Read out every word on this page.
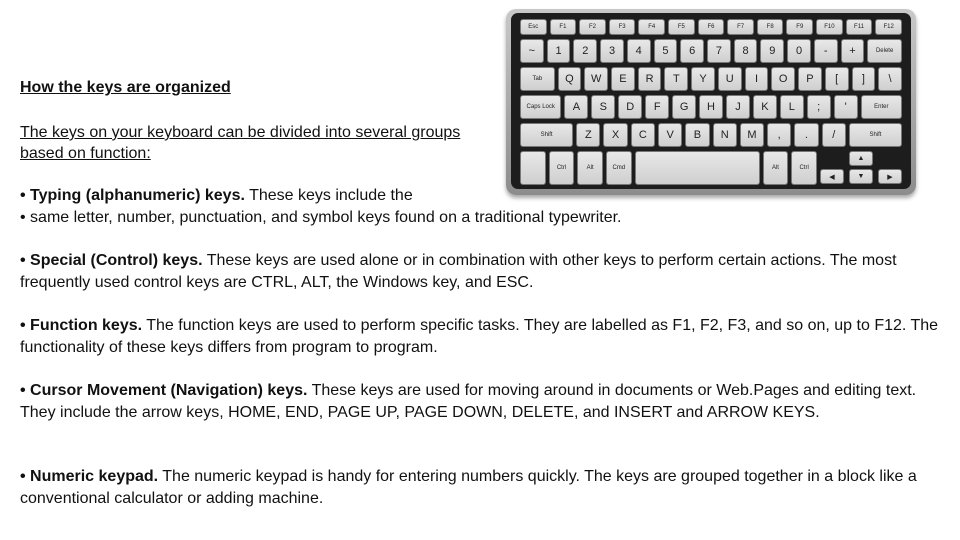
How the keys are organized
The keys on your keyboard can be divided into several groups based on function:
• Typing (alphanumeric) keys. These keys include the
• same letter, number, punctuation, and symbol keys found on a traditional typewriter.

• Special (Control) keys. These keys are used alone or in combination with other keys to perform certain actions. The most frequently used control keys are CTRL, ALT, the Windows key, and ESC.

• Function keys. The function keys are used to perform specific tasks. They are labelled as F1, F2, F3, and so on, up to F12. The functionality of these keys differs from program to program.

• Cursor Movement (Navigation) keys. These keys are used for moving around in documents or Web.Pages and editing text. They include the arrow keys, HOME, END, PAGE UP, PAGE DOWN, DELETE, and INSERT and ARROW KEYS.

• Numeric keypad. The numeric keypad is handy for entering numbers quickly. The keys are grouped together in a block like a conventional calculator or adding machine.

Esc	F1	F2	F3	F4	F5	F6	F7	F8	F9	F10	F11	F12
~	1	2	3	4	5	6	7	8	9	0	-	+	Delete
Tab	Q	W	E	R	T	Y	U	I	O	P	[	]	\
Caps Lock	A	S	D	F	G	H	J	K	L	;	'	Enter
Shift	Z	X	C	V	B	N	M	,	.	/	Shift
Ctrl	Alt	Cmd	Alt	Ctrl
▲
◀	▼	▶
